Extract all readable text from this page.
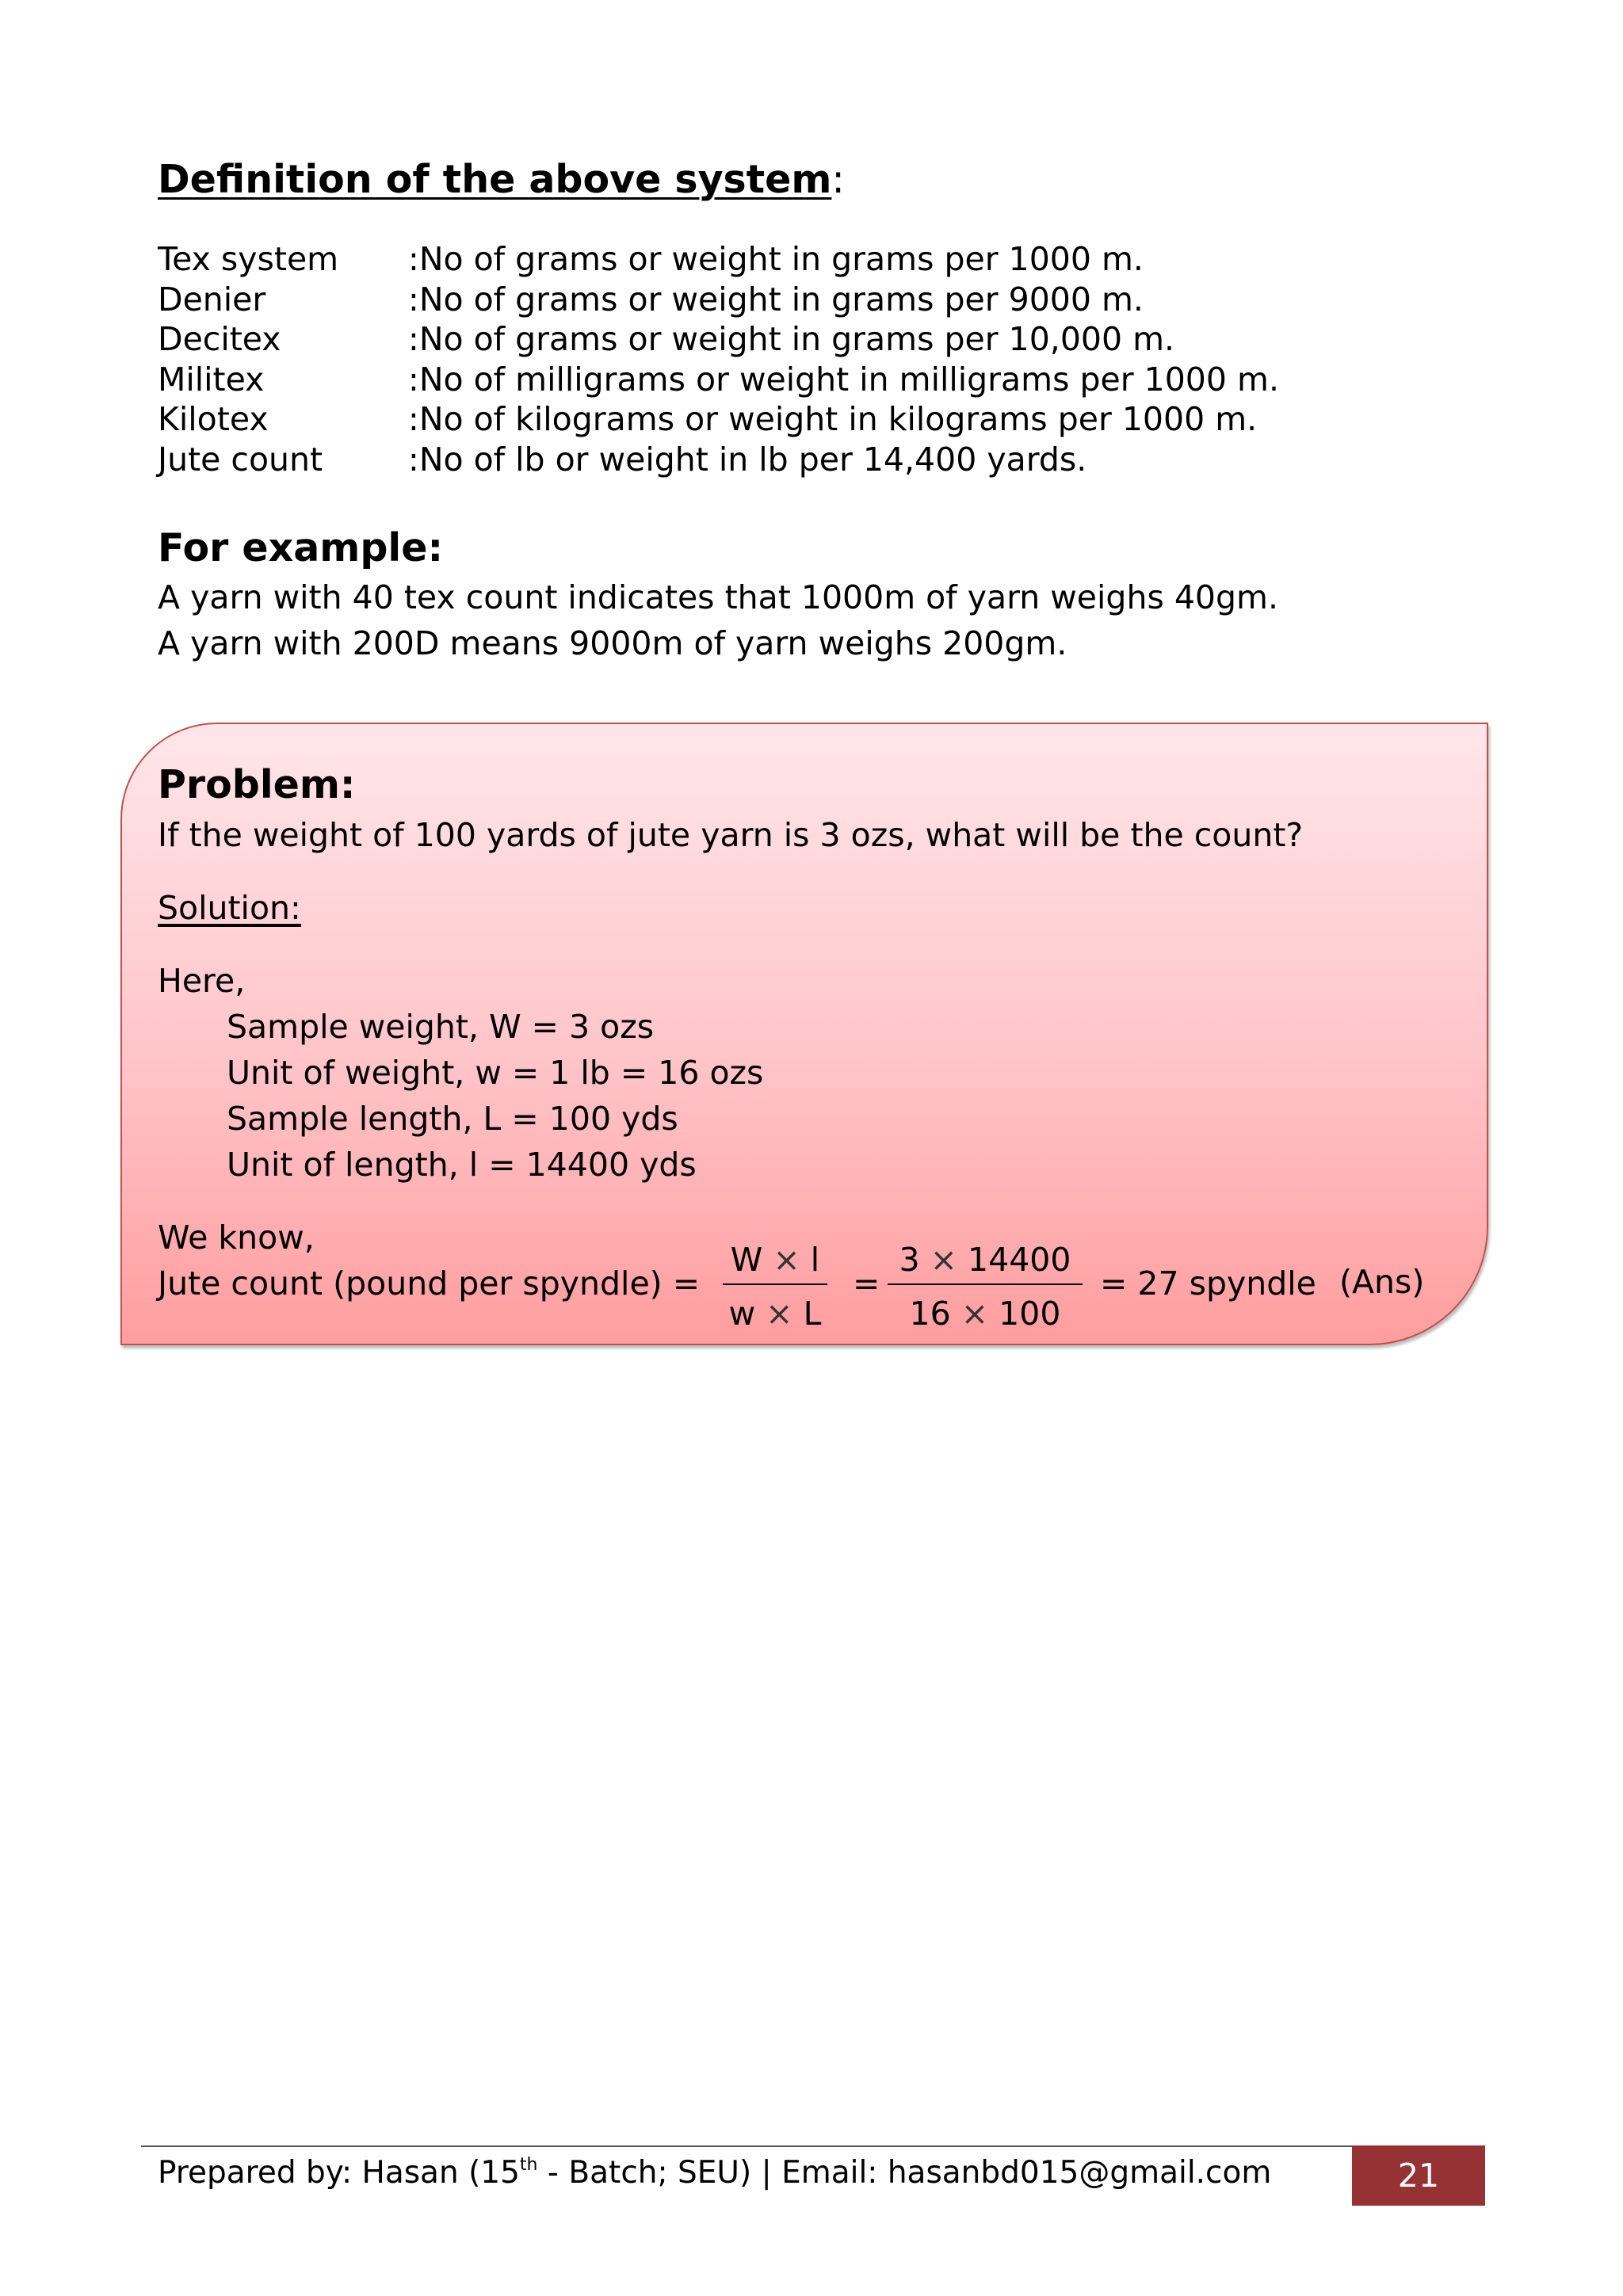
Definition of the above system:
Tex system	:No of grams or weight in grams per 1000 m.
Denier	:No of grams or weight in grams per 9000 m.
Decitex	:No of grams or weight in grams per 10,000 m.
Militex	:No of milligrams or weight in milligrams per 1000 m.
Kilotex	:No of kilograms or weight in kilograms per 1000 m.
Jute count	:No of lb or weight in lb per 14,400 yards.
For example:
A yarn with 40 tex count indicates that 1000m of yarn weighs 40gm.
A yarn with 200D means 9000m of yarn weighs 200gm.
Problem:
If the weight of 100 yards of jute yarn is 3 ozs, what will be the count?
Solution:
Here,
Sample weight, W = 3 ozs
Unit of weight, w = 1 lb = 16 ozs
Sample length, L = 100 yds
Unit of length, l = 14400 yds
We know,
Jute count (pound per spyndle) =
W × l
w × L
=
3 × 14400
16 × 100
= 27 spyndle (Ans)
Prepared by: Hasan (15th - Batch; SEU) | Email: hasanbd015@gmail.com	21
